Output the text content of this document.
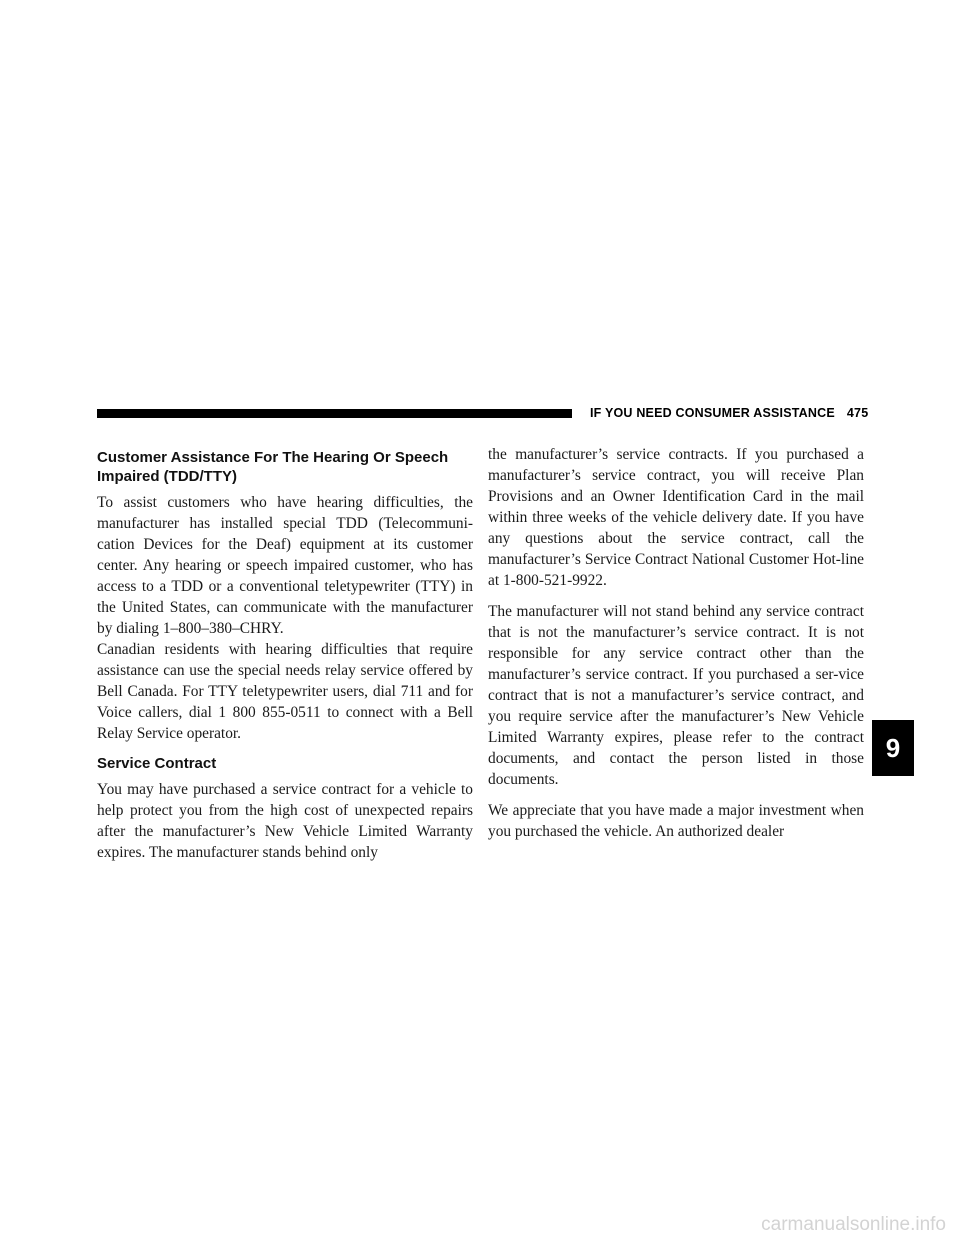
IF YOU NEED CONSUMER ASSISTANCE 475
Customer Assistance For The Hearing Or Speech Impaired (TDD/TTY)

To assist customers who have hearing difficulties, the manufacturer has installed special TDD (Telecommuni-cation Devices for the Deaf) equipment at its customer center. Any hearing or speech impaired customer, who has access to a TDD or a conventional teletypewriter (TTY) in the United States, can communicate with the manufacturer by dialing 1–800–380–CHRY.

Canadian residents with hearing difficulties that require assistance can use the special needs relay service offered by Bell Canada. For TTY teletypewriter users, dial 711 and for Voice callers, dial 1 800 855-0511 to connect with a Bell Relay Service operator.

Service Contract

You may have purchased a service contract for a vehicle to help protect you from the high cost of unexpected repairs after the manufacturer’s New Vehicle Limited Warranty expires. The manufacturer stands behind only

the manufacturer’s service contracts. If you purchased a manufacturer’s service contract, you will receive Plan Provisions and an Owner Identification Card in the mail within three weeks of the vehicle delivery date. If you have any questions about the service contract, call the manufacturer’s Service Contract National Customer Hot-line at 1-800-521-9922.

The manufacturer will not stand behind any service contract that is not the manufacturer’s service contract. It is not responsible for any service contract other than the manufacturer’s service contract. If you purchased a ser-vice contract that is not a manufacturer’s service contract, and you require service after the manufacturer’s New Vehicle Limited Warranty expires, please refer to the contract documents, and contact the person listed in those documents.

We appreciate that you have made a major investment when you purchased the vehicle. An authorized dealer

9
carmanualsonline.info
